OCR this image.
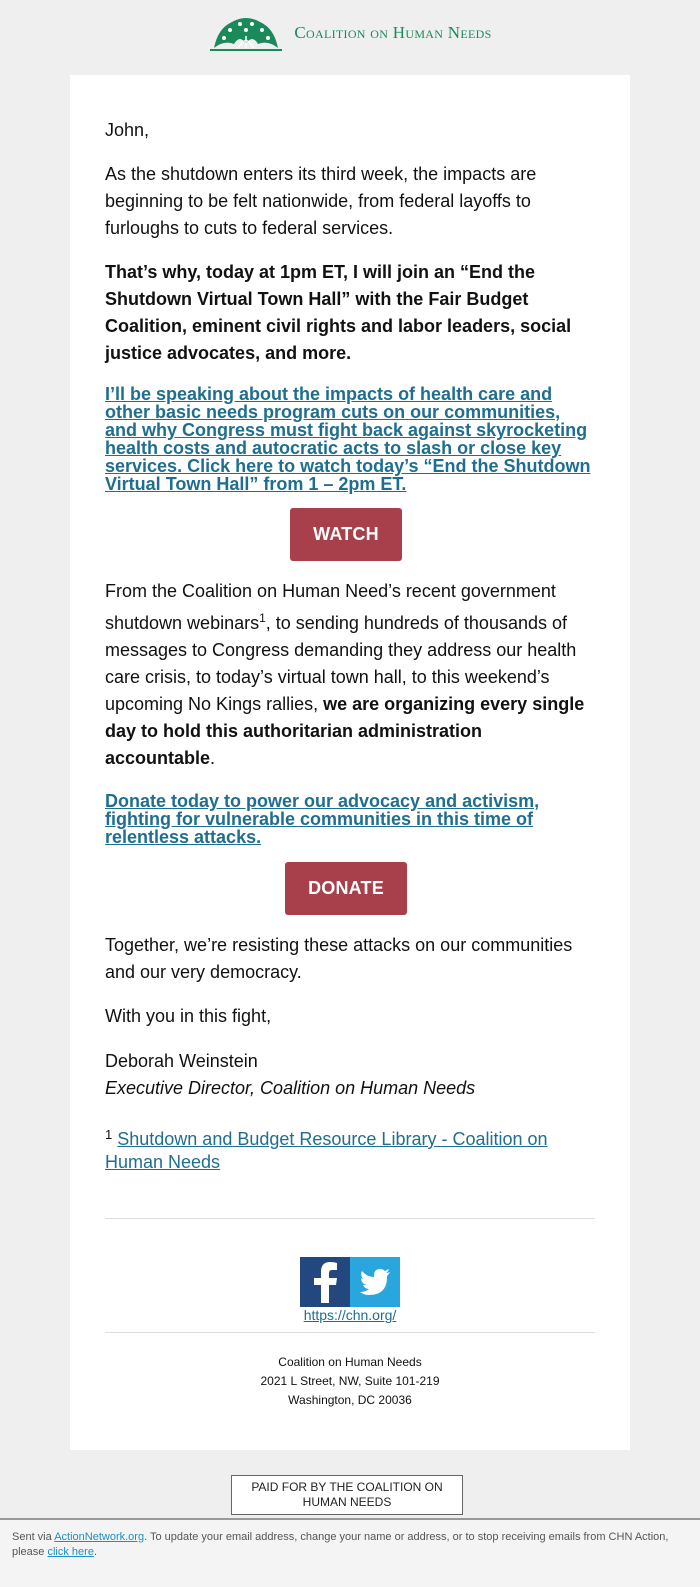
Coalition on Human Needs

John,

As the shutdown enters its third week, the impacts are beginning to be felt nationwide, from federal layoffs to furloughs to cuts to federal services.

That’s why, today at 1pm ET, I will join an “End the Shutdown Virtual Town Hall” with the Fair Budget Coalition, eminent civil rights and labor leaders, social justice advocates, and more.

I’ll be speaking about the impacts of health care and other basic needs program cuts on our communities, and why Congress must fight back against skyrocketing health costs and autocratic acts to slash or close key services. Click here to watch today’s “End the Shutdown Virtual Town Hall” from 1 – 2pm ET.
WATCH

From the Coalition on Human Need’s recent government shutdown webinars$^1$, to sending hundreds of thousands of messages to Congress demanding they address our health care crisis, to today’s virtual town hall, to this weekend’s upcoming No Kings rallies, we are organizing every single day to hold this authoritarian administration accountable.

Donate today to power our advocacy and activism, fighting for vulnerable communities in this time of relentless attacks.
DONATE

Together, we’re resisting these attacks on our communities and our very democracy.

With you in this fight,

Deborah Weinstein

Executive Director, Coalition on Human Needs

$^1$ Shutdown and Budget Resource Library - Coalition on Human Needs

https://chn.org/
Coalition on Human Needs
2021 L Street, NW, Suite 101-219
Washington, DC 20036
PAID FOR BY THE COALITION ON HUMAN NEEDS
Sent via ActionNetwork.org. To update your email address, change your name or address, or to stop receiving emails from CHN Action, please click here.
